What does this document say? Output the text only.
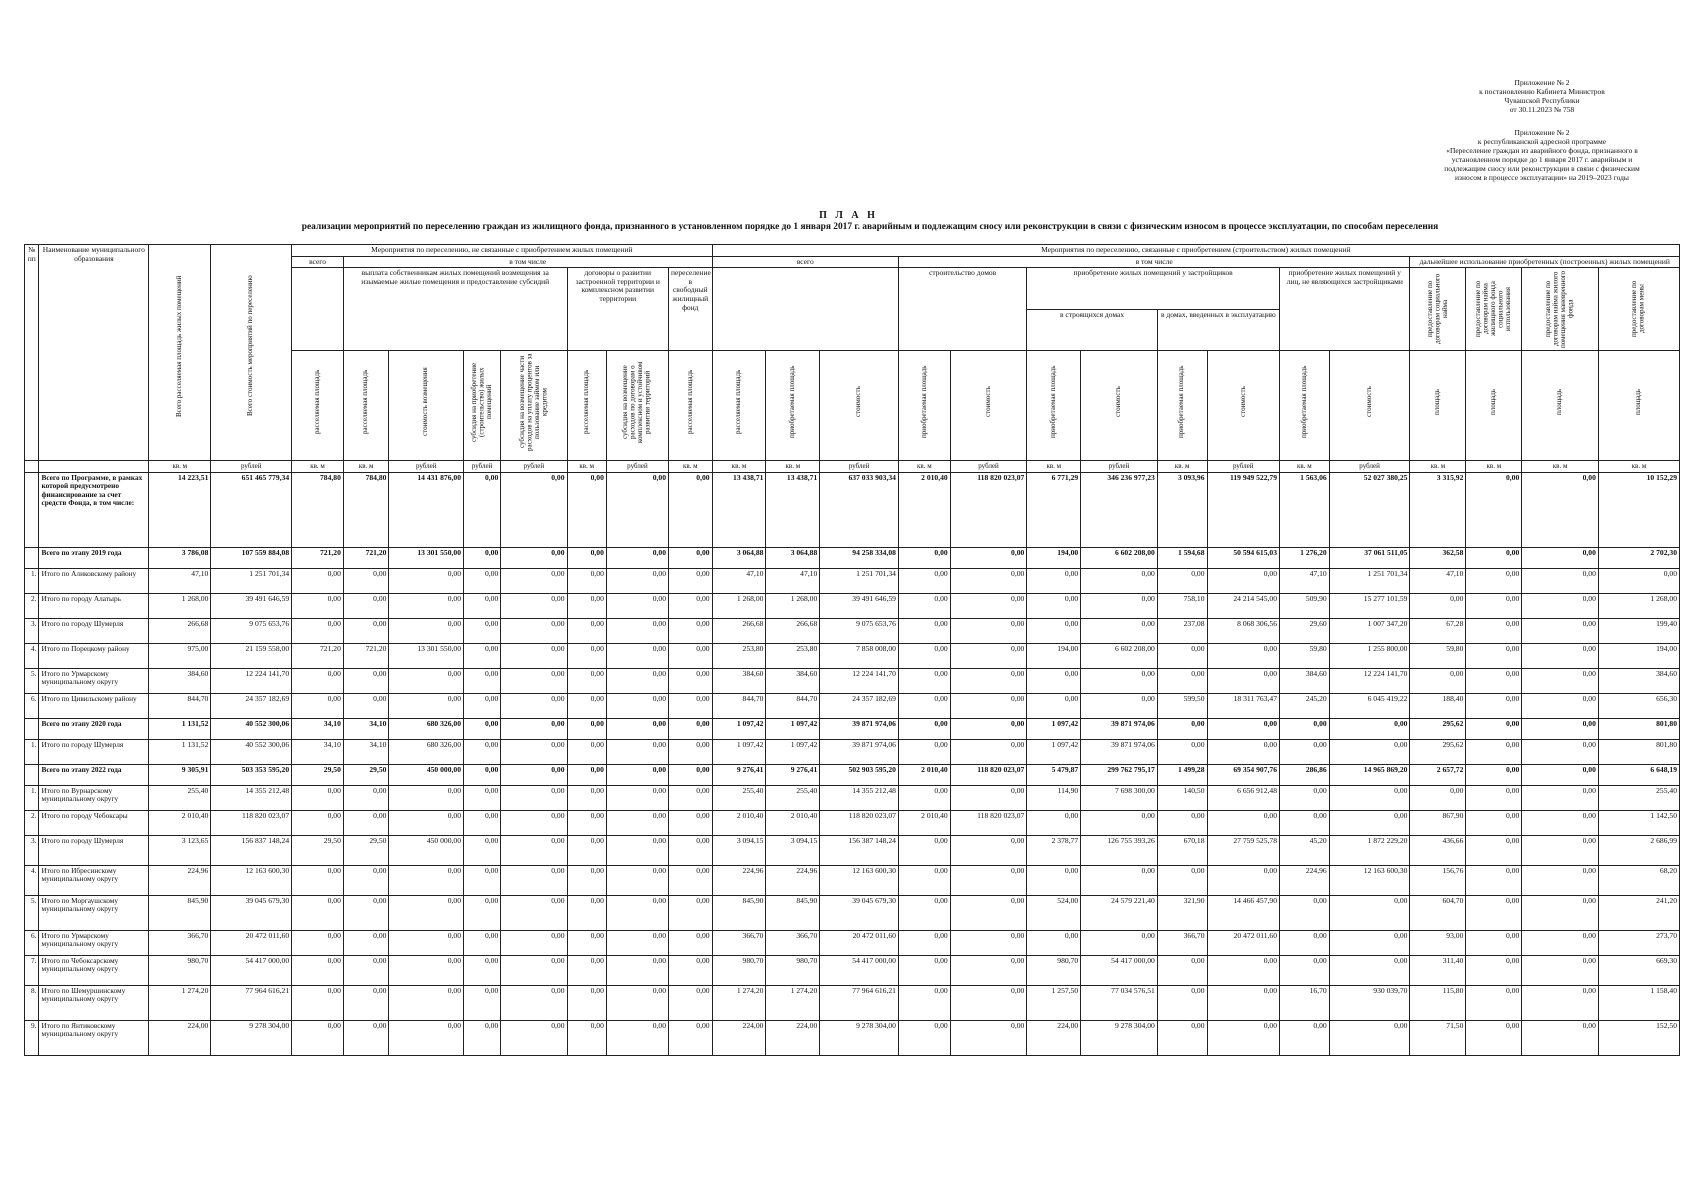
Приложение № 2
к постановлению Кабинета Министров
Чувашской Республики
от 30.11.2023 № 758
Приложение № 2
к республиканской адресной программе
«Переселение граждан из аварийного фонда, признанного в
установленном порядке до 1 января 2017 г. аварийным и
подлежащим сносу или реконструкции в связи с физическим
износом в процессе эксплуатации» на 2019–2023 годы
П Л А Н
реализации мероприятий по переселению граждан из жилищного фонда, признанного в установленном порядке до 1 января 2017 г. аварийным и подлежащим сносу или реконструкции в связи с физическим износом в процессе эксплуатации, по способам переселения
№ пп	Наименование муниципального образования	Всего расселяемая площадь жилых помещений	Всего стоимость мероприятий по переселению	Мероприятия по переселению, не связанные с приобретением жилых помещений								Мероприятия по переселению, связанные с приобретением (строительством) жилых помещений														
				всего	в том числе							всего			в том числе								дальнейшее использование приобретенных (построенных) жилых помещений			
					выплата собственникам жилых помещений возмещения за изымаемые жилые помещения и предоставление субсидий				договоры о развитии застроенной территории и комплексном развитии территории		переселение в свободный жилищный фонд				строительство домов		приобретение жилых помещений у застройщиков				приобретение жилых помещений у лиц, не являющихся застройщиками		предоставление по договорам социального найма	предоставление по договорам найма жилищного фонда социального использования	предоставление по договорам найма жилого помещения маневренного фонда	предоставление по договорам мены

																	в строящихся домах		в домах, введенных в эксплуатацию							

				расселяемая площадь	расселяемая площадь	стоимость возмещения	субсидия на приобретение (строительство) жилых помещений	субсидия на возмещение части расходов на уплату процентов за пользование займом или кредитом	расселяемая площадь	субсидия на возмещение расходов по договорам о комплексном и устойчивом развитии территорий	расселяемая площадь	расселяемая площадь	приобретаемая площадь	стоимость	приобретаемая площадь	стоимость	приобретаемая площадь	стоимость	приобретаемая площадь	стоимость	приобретаемая площадь	стоимость	площадь	площадь	площадь	площадь

		кв. м	рублей	кв. м	кв. м	рублей	рублей	рублей	кв. м	рублей	кв. м	кв. м	кв. м	рублей	кв. м	рублей	кв. м	рублей	кв. м	рублей	кв. м	рублей	кв. м	кв. м	кв. м	кв. м
	Всего по Программе, в рамках которой предусмотрено финансирование за счет средств Фонда, в том числе:	14 223,51	651 465 779,34	784,80	784,80	14 431 876,00	0,00	0,00	0,00	0,00	0,00	13 438,71	13 438,71	637 033 903,34	2 010,40	118 820 023,07	6 771,29	346 236 977,23	3 093,96	119 949 522,79	1 563,06	52 027 380,25	3 315,92	0,00	0,00	10 152,29
	Всего по этапу 2019 года	3 786,08	107 559 884,08	721,20	721,20	13 301 550,00	0,00	0,00	0,00	0,00	0,00	3 064,88	3 064,88	94 258 334,08	0,00	0,00	194,00	6 602 208,00	1 594,68	50 594 615,03	1 276,20	37 061 511,05	362,58	0,00	0,00	2 702,30
1.	Итого по Аликовскому району	47,10	1 251 701,34	0,00	0,00	0,00	0,00	0,00	0,00	0,00	0,00	47,10	47,10	1 251 701,34	0,00	0,00	0,00	0,00	0,00	0,00	47,10	1 251 701,34	47,10	0,00	0,00	0,00
2.	Итого по городу Алатырь	1 268,00	39 491 646,59	0,00	0,00	0,00	0,00	0,00	0,00	0,00	0,00	1 268,00	1 268,00	39 491 646,59	0,00	0,00	0,00	0,00	758,10	24 214 545,00	509,90	15 277 101,59	0,00	0,00	0,00	1 268,00
3.	Итого по городу Шумерля	266,68	9 075 653,76	0,00	0,00	0,00	0,00	0,00	0,00	0,00	0,00	266,68	266,68	9 075 653,76	0,00	0,00	0,00	0,00	237,08	8 068 306,56	29,60	1 007 347,20	67,28	0,00	0,00	199,40
4.	Итого по Порецкому району	975,00	21 159 558,00	721,20	721,20	13 301 550,00	0,00	0,00	0,00	0,00	0,00	253,80	253,80	7 858 008,00	0,00	0,00	194,00	6 602 208,00	0,00	0,00	59,80	1 255 800,00	59,80	0,00	0,00	194,00
5.	Итого по Урмарскому муниципальному округу	384,60	12 224 141,70	0,00	0,00	0,00	0,00	0,00	0,00	0,00	0,00	384,60	384,60	12 224 141,70	0,00	0,00	0,00	0,00	0,00	0,00	384,60	12 224 141,70	0,00	0,00	0,00	384,60
6.	Итого по Цивильскому району	844,70	24 357 182,69	0,00	0,00	0,00	0,00	0,00	0,00	0,00	0,00	844,70	844,70	24 357 182,69	0,00	0,00	0,00	0,00	599,50	18 311 763,47	245,20	6 045 419,22	188,40	0,00	0,00	656,30
	Всего по этапу 2020 года	1 131,52	40 552 300,06	34,10	34,10	680 326,00	0,00	0,00	0,00	0,00	0,00	1 097,42	1 097,42	39 871 974,06	0,00	0,00	1 097,42	39 871 974,06	0,00	0,00	0,00	0,00	295,62	0,00	0,00	801,80
1.	Итого по городу Шумерля	1 131,52	40 552 300,06	34,10	34,10	680 326,00	0,00	0,00	0,00	0,00	0,00	1 097,42	1 097,42	39 871 974,06	0,00	0,00	1 097,42	39 871 974,06	0,00	0,00	0,00	0,00	295,62	0,00	0,00	801,80
	Всего по этапу 2022 года	9 305,91	503 353 595,20	29,50	29,50	450 000,00	0,00	0,00	0,00	0,00	0,00	9 276,41	9 276,41	502 903 595,20	2 010,40	118 820 023,07	5 479,87	299 762 795,17	1 499,28	69 354 907,76	286,86	14 965 869,20	2 657,72	0,00	0,00	6 648,19
1.	Итого по Вурнарскому муниципальному округу	255,40	14 355 212,48	0,00	0,00	0,00	0,00	0,00	0,00	0,00	0,00	255,40	255,40	14 355 212,48	0,00	0,00	114,90	7 698 300,00	140,50	6 656 912,48	0,00	0,00	0,00	0,00	0,00	255,40
2.	Итого по городу Чебоксары	2 010,40	118 820 023,07	0,00	0,00	0,00	0,00	0,00	0,00	0,00	0,00	2 010,40	2 010,40	118 820 023,07	2 010,40	118 820 023,07	0,00	0,00	0,00	0,00	0,00	0,00	867,90	0,00	0,00	1 142,50
3.	Итого по городу Шумерля	3 123,65	156 837 148,24	29,50	29,50	450 000,00	0,00	0,00	0,00	0,00	0,00	3 094,15	3 094,15	156 387 148,24	0,00	0,00	2 378,77	126 755 393,26	670,18	27 759 525,78	45,20	1 872 229,20	436,66	0,00	0,00	2 686,99
4.	Итого по Ибресинскому муниципальному округу	224,96	12 163 600,30	0,00	0,00	0,00	0,00	0,00	0,00	0,00	0,00	224,96	224,96	12 163 600,30	0,00	0,00	0,00	0,00	0,00	0,00	224,96	12 163 600,30	156,76	0,00	0,00	68,20
5.	Итого по Моргаушскому муниципальному округу	845,90	39 045 679,30	0,00	0,00	0,00	0,00	0,00	0,00	0,00	0,00	845,90	845,90	39 045 679,30	0,00	0,00	524,00	24 579 221,40	321,90	14 466 457,90	0,00	0,00	604,70	0,00	0,00	241,20
6.	Итого по Урмарскому муниципальному округу	366,70	20 472 011,60	0,00	0,00	0,00	0,00	0,00	0,00	0,00	0,00	366,70	366,70	20 472 011,60	0,00	0,00	0,00	0,00	366,70	20 472 011,60	0,00	0,00	93,00	0,00	0,00	273,70
7.	Итого по Чебоксарскому муниципальному округу	980,70	54 417 000,00	0,00	0,00	0,00	0,00	0,00	0,00	0,00	0,00	980,70	980,70	54 417 000,00	0,00	0,00	980,70	54 417 000,00	0,00	0,00	0,00	0,00	311,40	0,00	0,00	669,30
8.	Итого по Шемуршинскому муниципальному округу	1 274,20	77 964 616,21	0,00	0,00	0,00	0,00	0,00	0,00	0,00	0,00	1 274,20	1 274,20	77 964 616,21	0,00	0,00	1 257,50	77 034 576,51	0,00	0,00	16,70	930 039,70	115,80	0,00	0,00	1 158,40
9.	Итого по Янтиковскому муниципальному округу	224,00	9 278 304,00	0,00	0,00	0,00	0,00	0,00	0,00	0,00	0,00	224,00	224,00	9 278 304,00	0,00	0,00	224,00	9 278 304,00	0,00	0,00	0,00	0,00	71,50	0,00	0,00	152,50
